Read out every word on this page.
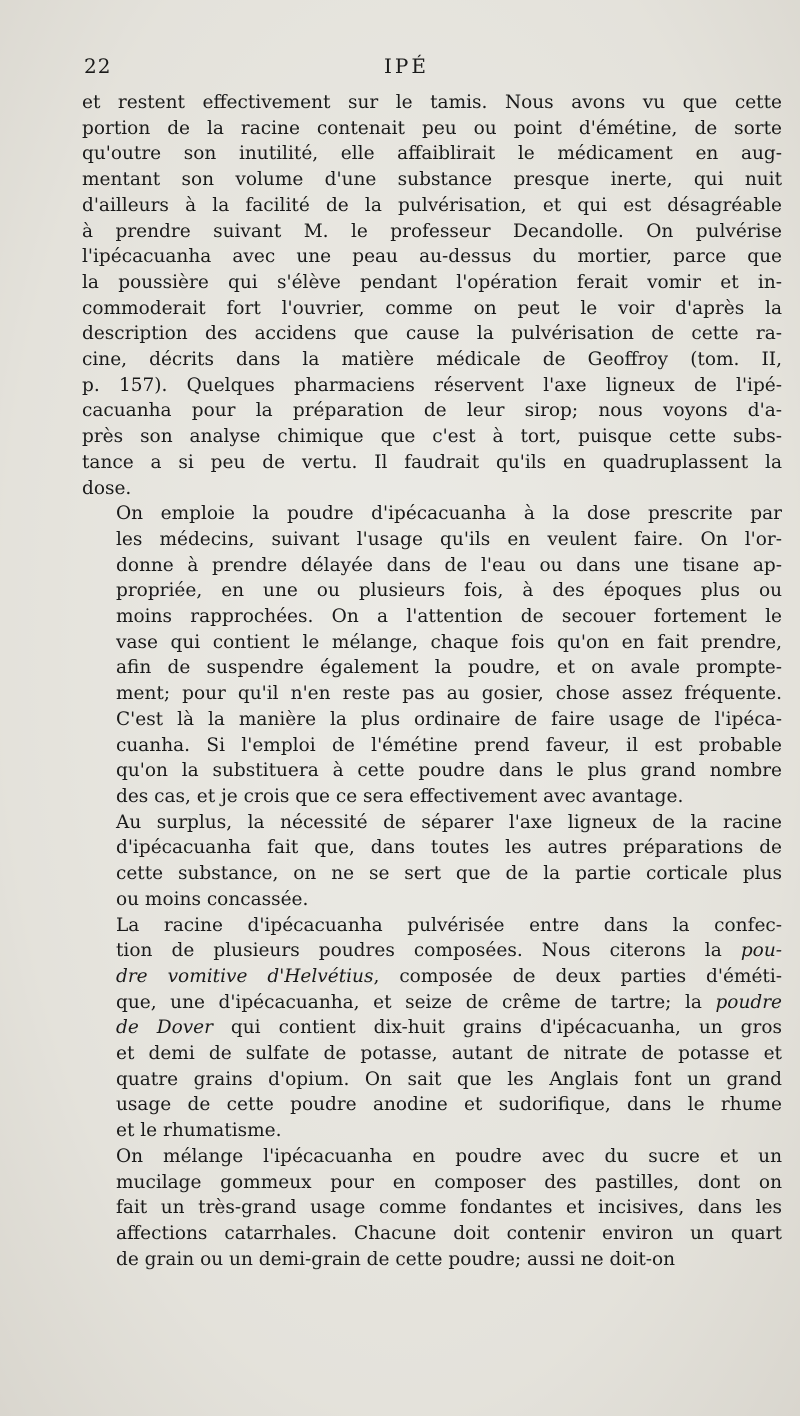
22	IPÉ
et restent effectivement sur le tamis. Nous avons vu que cette
portion de la racine contenait peu ou point d'émétine, de sorte
qu'outre son inutilité, elle affaiblirait le médicament en aug-
mentant son volume d'une substance presque inerte, qui nuit
d'ailleurs à la facilité de la pulvérisation, et qui est désagréable
à prendre suivant M. le professeur Decandolle. On pulvérise
l'ipécacuanha avec une peau au-dessus du mortier, parce que
la poussière qui s'élève pendant l'opération ferait vomir et in-
commoderait fort l'ouvrier, comme on peut le voir d'après la
description des accidens que cause la pulvérisation de cette ra-
cine, décrits dans la matière médicale de Geoffroy (tom. II,
p. 157). Quelques pharmaciens réservent l'axe ligneux de l'ipé-
cacuanha pour la préparation de leur sirop; nous voyons d'a-
près son analyse chimique que c'est à tort, puisque cette subs-
tance a si peu de vertu. Il faudrait qu'ils en quadruplassent la
dose.
On emploie la poudre d'ipécacuanha à la dose prescrite par
les médecins, suivant l'usage qu'ils en veulent faire. On l'or-
donne à prendre délayée dans de l'eau ou dans une tisane ap-
propriée, en une ou plusieurs fois, à des époques plus ou
moins rapprochées. On a l'attention de secouer fortement le
vase qui contient le mélange, chaque fois qu'on en fait prendre,
afin de suspendre également la poudre, et on avale prompte-
ment; pour qu'il n'en reste pas au gosier, chose assez fréquente.
C'est là la manière la plus ordinaire de faire usage de l'ipéca-
cuanha. Si l'emploi de l'émétine prend faveur, il est probable
qu'on la substituera à cette poudre dans le plus grand nombre
des cas, et je crois que ce sera effectivement avec avantage.
Au surplus, la nécessité de séparer l'axe ligneux de la racine
d'ipécacuanha fait que, dans toutes les autres préparations de
cette substance, on ne se sert que de la partie corticale plus
ou moins concassée.
La racine d'ipécacuanha pulvérisée entre dans la confec-
tion de plusieurs poudres composées. Nous citerons la pou-
dre vomitive d'Helvétius, composée de deux parties d'éméti-
que, une d'ipécacuanha, et seize de crême de tartre; la poudre
de Dover qui contient dix-huit grains d'ipécacuanha, un gros
et demi de sulfate de potasse, autant de nitrate de potasse et
quatre grains d'opium. On sait que les Anglais font un grand
usage de cette poudre anodine et sudorifique, dans le rhume
et le rhumatisme.
On mélange l'ipécacuanha en poudre avec du sucre et un
mucilage gommeux pour en composer des pastilles, dont on
fait un très-grand usage comme fondantes et incisives, dans les
affections catarrhales. Chacune doit contenir environ un quart
de grain ou un demi-grain de cette poudre; aussi ne doit-on
